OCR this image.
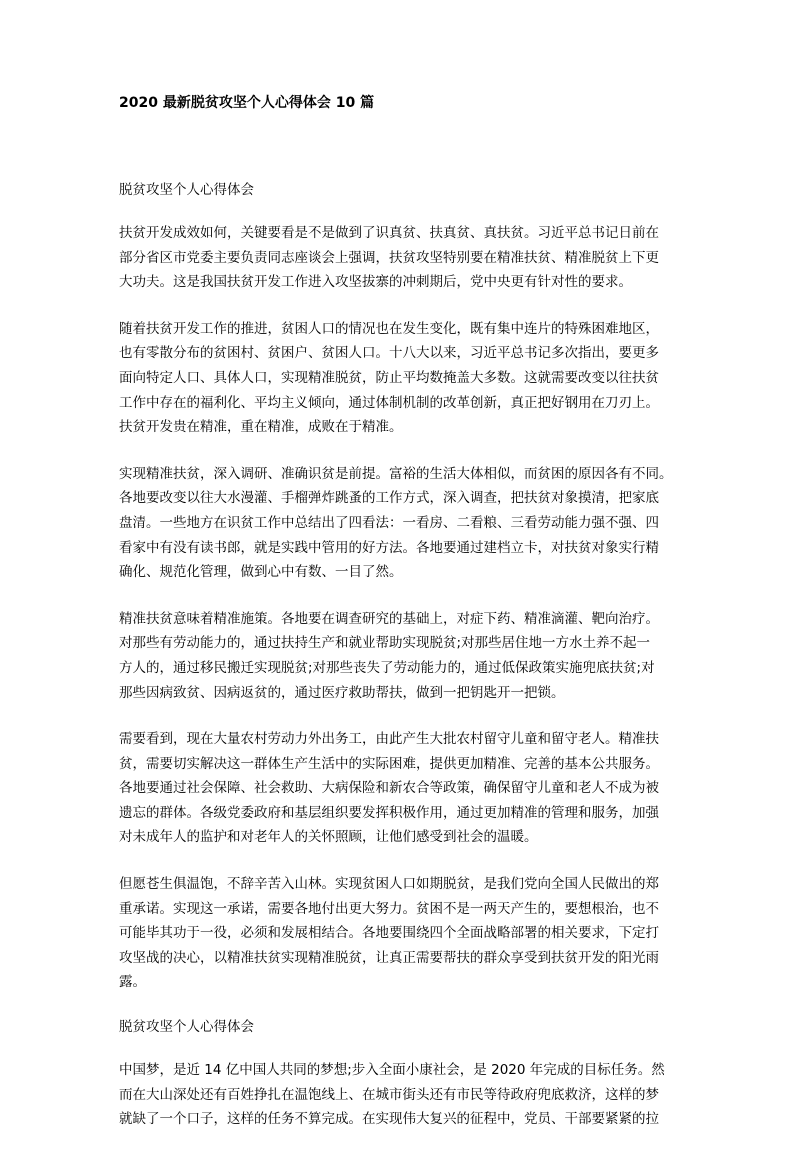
2020 最新脱贫攻坚个人心得体会 10 篇
脱贫攻坚个人心得体会

扶贫开发成效如何，关键要看是不是做到了识真贫、扶真贫、真扶贫。习近平总书记日前在
部分省区市党委主要负责同志座谈会上强调，扶贫攻坚特别要在精准扶贫、精准脱贫上下更
大功夫。这是我国扶贫开发工作进入攻坚拔寨的冲刺期后，党中央更有针对性的要求。

随着扶贫开发工作的推进，贫困人口的情况也在发生变化，既有集中连片的特殊困难地区，
也有零散分布的贫困村、贫困户、贫困人口。十八大以来，习近平总书记多次指出，要更多
面向特定人口、具体人口，实现精准脱贫，防止平均数掩盖大多数。这就需要改变以往扶贫
工作中存在的福利化、平均主义倾向，通过体制机制的改革创新，真正把好钢用在刀刃上。
扶贫开发贵在精准，重在精准，成败在于精准。

实现精准扶贫，深入调研、准确识贫是前提。富裕的生活大体相似，而贫困的原因各有不同。
各地要改变以往大水漫灌、手榴弹炸跳蚤的工作方式，深入调查，把扶贫对象摸清，把家底
盘清。一些地方在识贫工作中总结出了四看法：一看房、二看粮、三看劳动能力强不强、四
看家中有没有读书郎，就是实践中管用的好方法。各地要通过建档立卡，对扶贫对象实行精
确化、规范化管理，做到心中有数、一目了然。

精准扶贫意味着精准施策。各地要在调查研究的基础上，对症下药、精准滴灌、靶向治疗。
对那些有劳动能力的，通过扶持生产和就业帮助实现脱贫;对那些居住地一方水土养不起一
方人的，通过移民搬迁实现脱贫;对那些丧失了劳动能力的，通过低保政策实施兜底扶贫;对
那些因病致贫、因病返贫的，通过医疗救助帮扶，做到一把钥匙开一把锁。

需要看到，现在大量农村劳动力外出务工，由此产生大批农村留守儿童和留守老人。精准扶
贫，需要切实解决这一群体生产生活中的实际困难，提供更加精准、完善的基本公共服务。
各地要通过社会保障、社会救助、大病保险和新农合等政策，确保留守儿童和老人不成为被
遗忘的群体。各级党委政府和基层组织要发挥积极作用，通过更加精准的管理和服务，加强
对未成年人的监护和对老年人的关怀照顾，让他们感受到社会的温暖。

但愿苍生俱温饱，不辞辛苦入山林。实现贫困人口如期脱贫，是我们党向全国人民做出的郑
重承诺。实现这一承诺，需要各地付出更大努力。贫困不是一两天产生的，要想根治，也不
可能毕其功于一役，必须和发展相结合。各地要围绕四个全面战略部署的相关要求，下定打
攻坚战的决心，以精准扶贫实现精准脱贫，让真正需要帮扶的群众享受到扶贫开发的阳光雨
露。

脱贫攻坚个人心得体会

中国梦，是近 14 亿中国人共同的梦想;步入全面小康社会，是 2020 年完成的目标任务。然
而在大山深处还有百姓挣扎在温饱线上、在城市街头还有市民等待政府兜底救济，这样的梦
就缺了一个口子，这样的任务不算完成。在实现伟大复兴的征程中，党员、干部要紧紧的拉
